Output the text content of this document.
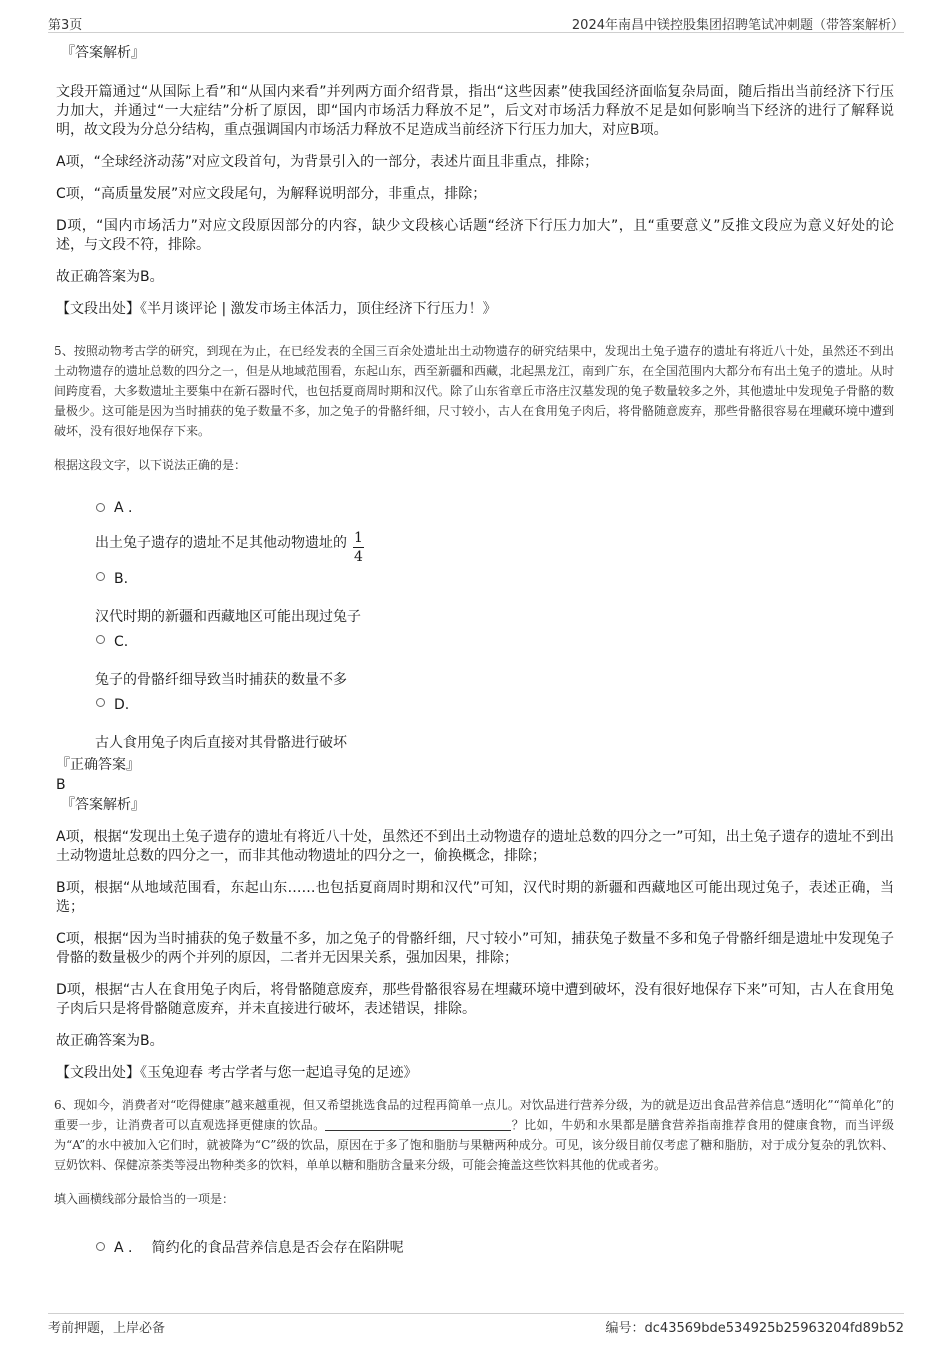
第3页	2024年南昌中镁控股集团招聘笔试冲刺题（带答案解析）

『答案解析』

文段开篇通过“从国际上看”和“从国内来看”并列两方面介绍背景，指出“这些因素”使我国经济面临复杂局面，随后指出当前经济下行压力加大，并通过“一大症结”分析了原因，即“国内市场活力释放不足”，后文对市场活力释放不足是如何影响当下经济的进行了解释说明，故文段为分总分结构，重点强调国内市场活力释放不足造成当前经济下行压力加大，对应B项。

A项，“全球经济动荡”对应文段首句，为背景引入的一部分，表述片面且非重点，排除；

C项，“高质量发展”对应文段尾句，为解释说明部分，非重点，排除；

D项，“国内市场活力”对应文段原因部分的内容，缺少文段核心话题“经济下行压力加大”，且“重要意义”反推文段应为意义好处的论述，与文段不符，排除。

故正确答案为B。

【文段出处】《半月谈评论 | 激发市场主体活力，顶住经济下行压力！》

5、按照动物考古学的研究，到现在为止，在已经发表的全国三百余处遗址出土动物遗存的研究结果中，发现出土兔子遗存的遗址有将近八十处，虽然还不到出土动物遗存的遗址总数的四分之一，但是从地域范围看，东起山东，西至新疆和西藏，北起黑龙江，南到广东，在全国范围内大都分布有出土兔子的遗址。从时间跨度看，大多数遗址主要集中在新石器时代，也包括夏商周时期和汉代。除了山东省章丘市洛庄汉墓发现的兔子数量较多之外，其他遗址中发现兔子骨骼的数量极少。这可能是因为当时捕获的兔子数量不多，加之兔子的骨骼纤细，尺寸较小，古人在食用兔子肉后，将骨骼随意废弃，那些骨骼很容易在埋藏环境中遭到破坏，没有很好地保存下来。

根据这段文字，以下说法正确的是：

A .
出土兔子遗存的遗址不足其他动物遗址的 $\frac{1}{4}$
B.
汉代时期的新疆和西藏地区可能出现过兔子
C.
兔子的骨骼纤细导致当时捕获的数量不多
D.
古人食用兔子肉后直接对其骨骼进行破坏

『正确答案』

B

『答案解析』

A项，根据“发现出土兔子遗存的遗址有将近八十处，虽然还不到出土动物遗存的遗址总数的四分之一”可知，出土兔子遗存的遗址不到出土动物遗址总数的四分之一，而非其他动物遗址的四分之一，偷换概念，排除；

B项，根据“从地域范围看，东起山东……也包括夏商周时期和汉代”可知，汉代时期的新疆和西藏地区可能出现过兔子，表述正确，当选；

C项，根据“因为当时捕获的兔子数量不多，加之兔子的骨骼纤细，尺寸较小”可知，捕获兔子数量不多和兔子骨骼纤细是遗址中发现兔子骨骼的数量极少的两个并列的原因，二者并无因果关系，强加因果，排除；

D项，根据“古人在食用兔子肉后，将骨骼随意废弃，那些骨骼很容易在埋藏环境中遭到破坏，没有很好地保存下来”可知，古人在食用兔子肉后只是将骨骼随意废弃，并未直接进行破坏，表述错误，排除。

故正确答案为B。

【文段出处】《玉兔迎春 考古学者与您一起追寻兔的足迹》

6、现如今，消费者对“吃得健康”越来越重视，但又希望挑选食品的过程再简单一点儿。对饮品进行营养分级，为的就是迈出食品营养信息“透明化”“简单化”的重要一步，让消费者可以直观选择更健康的饮品。	？比如，牛奶和水果都是膳食营养指南推荐食用的健康食物，而当评级为“A”的水中被加入它们时，就被降为“C”级的饮品，原因在于多了饱和脂肪与果糖两种成分。可见，该分级目前仅考虑了糖和脂肪，对于成分复杂的乳饮料、豆奶饮料、保健凉茶类等浸出物种类多的饮料，单单以糖和脂肪含量来分级，可能会掩盖这些饮料其他的优或者劣。

填入画横线部分最恰当的一项是：

A . 简约化的食品营养信息是否会存在陷阱呢
考前押题，上岸必备	编号：dc43569bde534925b25963204fd89b52
